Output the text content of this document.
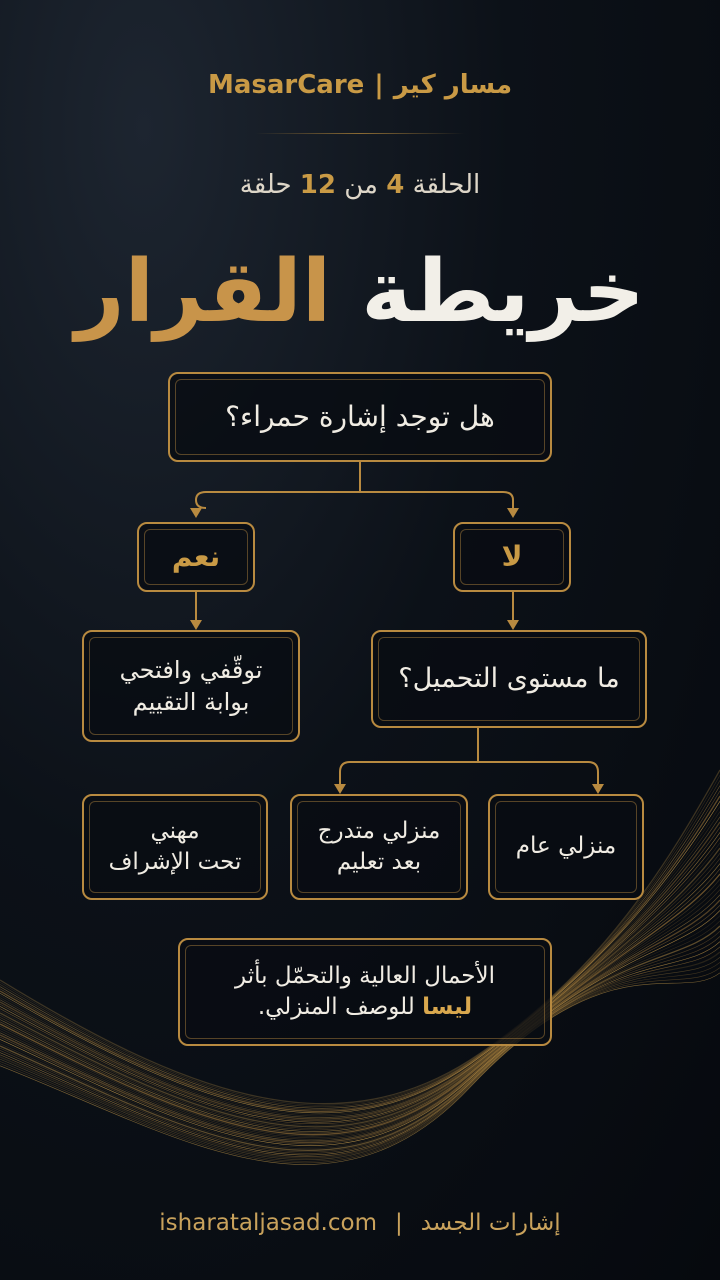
MasarCare | مسار كير
الحلقة 4 من 12 حلقة
خريطة القرار
هل توجد إشارة حمراء؟
نعم	لا
توقّفي وافتحي
بوابة التقييم
ما مستوى التحميل؟
مهني
تحت الإشراف
منزلي متدرج
بعد تعليم
منزلي عام
الأحمال العالية والتحمّل بأثر
ليسا للوصف المنزلي.
isharataljasad.com | إشارات الجسد
